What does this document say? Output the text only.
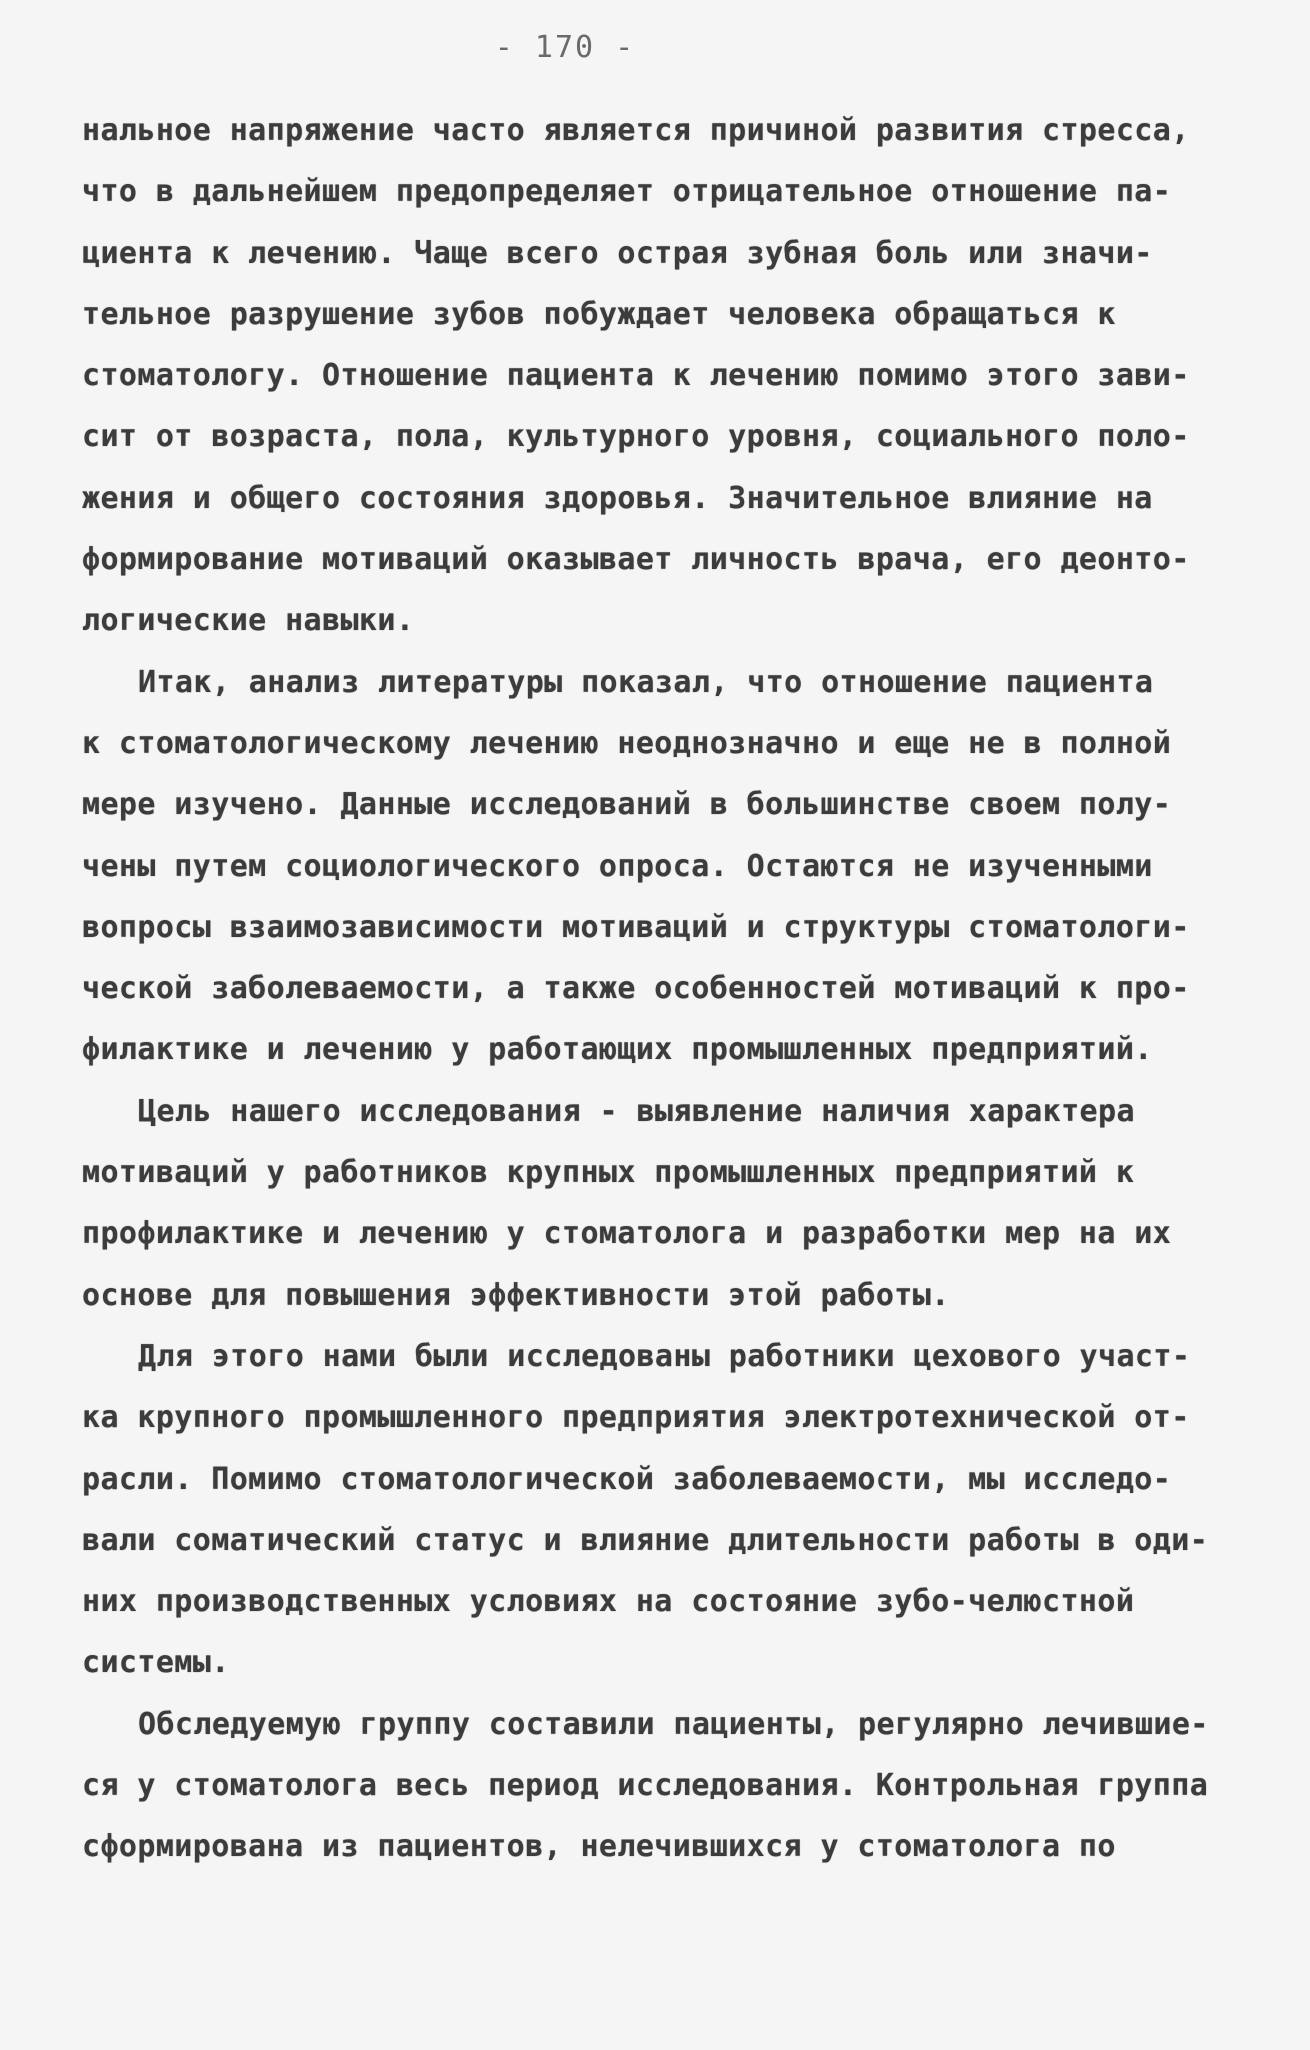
- 170 -
нальное напряжение часто является причиной развития стресса,
что в дальнейшем предопределяет отрицательное отношение па-
циента к лечению. Чаще всего острая зубная боль или значи-
тельное разрушение зубов побуждает человека обращаться к
стоматологу. Отношение пациента к лечению помимо этого зави-
сит от возраста, пола, культурного уровня, социального поло-
жения и общего состояния здоровья. Значительное влияние на
формирование мотиваций оказывает личность врача, его деонто-
логические навыки.
Итак, анализ литературы показал, что отношение пациента
к стоматологическому лечению неоднозначно и еще не в полной
мере изучено. Данные исследований в большинстве своем полу-
чены путем социологического опроса. Остаются не изученными
вопросы взаимозависимости мотиваций и структуры стоматологи-
ческой заболеваемости, а также особенностей мотиваций к про-
филактике и лечению у работающих промышленных предприятий.
Цель нашего исследования - выявление наличия характера
мотиваций у работников крупных промышленных предприятий к
профилактике и лечению у стоматолога и разработки мер на их
основе для повышения эффективности этой работы.
Для этого нами были исследованы работники цехового участ-
ка крупного промышленного предприятия электротехнической от-
расли. Помимо стоматологической заболеваемости, мы исследо-
вали соматический статус и влияние длительности работы в оди-
них производственных условиях на состояние зубо-челюстной
системы.
Обследуемую группу составили пациенты, регулярно лечившие-
ся у стоматолога весь период исследования. Контрольная группа
сформирована из пациентов, нелечившихся у стоматолога по
